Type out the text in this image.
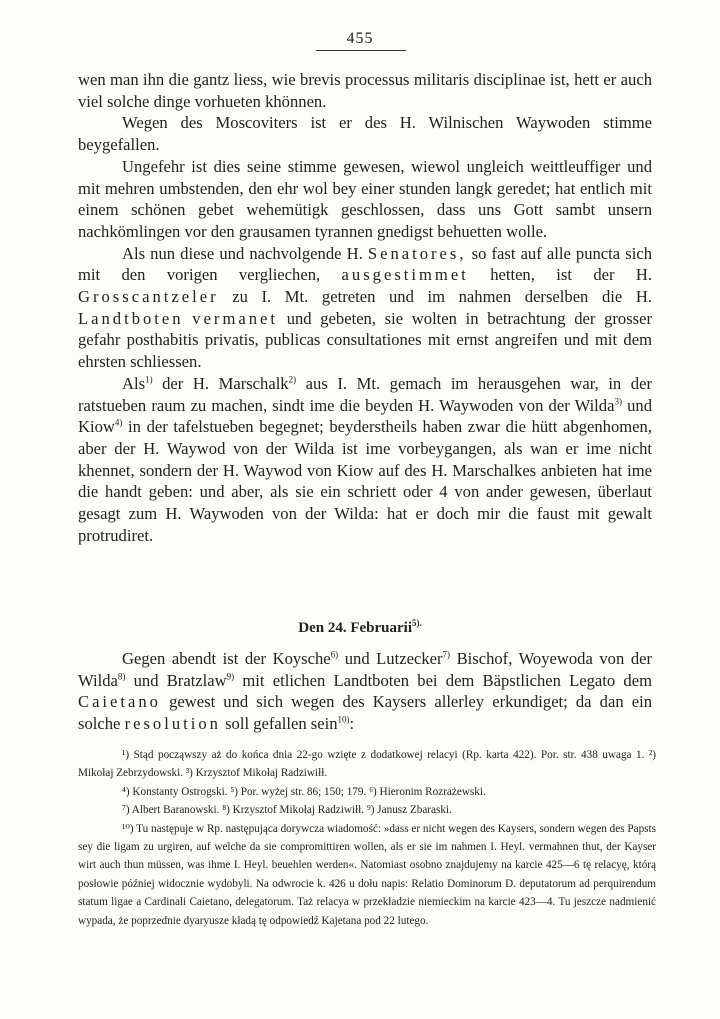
455

wen man ihn die gantz liess, wie brevis processus militaris disciplinae ist, hett er auch viel solche dinge vorhueten khönnen.

Wegen des Moscoviters ist er des H. Wilnischen Waywoden stimme beygefallen.

Ungefehr ist dies seine stimme gewesen, wiewol ungleich weittleuffiger und mit mehren umbstenden, den ehr wol bey einer stunden langk geredet; hat entlich mit einem schönen gebet wehemütigk geschlossen, dass uns Gott sambt unsern nachkömlingen vor den grausamen tyrannen gnedigst behuetten wolle.

Als nun diese und nachvolgende H. Senatores, so fast auf alle puncta sich mit den vorigen vergliechen, ausgestimmet hetten, ist der H. Grosscantzeler zu I. Mt. getreten und im nahmen derselben die H. Landtboten vermanet und gebeten, sie wolten in betrachtung der grosser gefahr posthabitis privatis, publicas consultationes mit ernst angreifen und mit dem ehrsten schliessen.

Als$^{1)}$ der H. Marschalk$^{2)}$ aus I. Mt. gemach im herausgehen war, in der ratstueben raum zu machen, sindt ime die beyden H. Waywoden von der Wilda$^{3)}$ und Kiow$^{4)}$ in der tafelstueben begegnet; beyderstheils haben zwar die hütt abgenhomen, aber der H. Waywod von der Wilda ist ime vorbeygangen, als wan er ime nicht khennet, sondern der H. Waywod von Kiow auf des H. Marschalkes anbieten hat ime die handt geben: und aber, als sie ein schriett oder 4 von ander gewesen, überlaut gesagt zum H. Waywoden von der Wilda: hat er doch mir die faust mit gewalt protrudiret.

Den 24. Februarii$^{5).}$

Gegen abendt ist der Koysche$^{6)}$ und Lutzecker$^{7)}$ Bischof, Woyewoda von der Wilda$^{8)}$ und Bratzlaw$^{9)}$ mit etlichen Landtboten bei dem Bäpstlichen Legato dem Caietano gewest und sich wegen des Kaysers allerley erkundiget; da dan ein solche resolution soll gefallen sein$^{10)}$:

¹) Stąd począwszy aż do końca dnia 22-go wzięte z dodatkowej relacyi (Rp. karta 422). Por. str. 438 uwaga 1. ²) Mikołaj Zebrzydowski. ³) Krzysztof Mikołaj Radziwiłł.

⁴) Konstanty Ostrogski. ⁵) Por. wyżej str. 86; 150; 179. ⁶) Hieronim Rozrażewski.

⁷) Albert Baranowski. ⁸) Krzysztof Mikołaj Radziwiłł. ⁹) Janusz Zbaraski.

¹⁰) Tu następuje w Rp. następująca dorywcza wiadomość: »dass er nicht wegen des Kaysers, sondern wegen des Papsts sey die ligam zu urgiren, auf welche da sie compromittiren wollen, als er sie im nahmen I. Heyl. vermahnen thut, der Kayser wirt auch thun müssen, was ihme I. Heyl. beuehlen werden«. Natomiast osobno znajdujemy na karcie 425—6 tę relacyę, którą posłowie później widocznie wydobyli. Na odwrocie k. 426 u dołu napis: Relatio Dominorum D. deputatorum ad perquirendum statum ligae a Cardinali Caietano, delegatorum. Taż relacya w przekładzie niemieckim na karcie 423—4. Tu jeszcze nadmienić wypada, że poprzednie dyaryusze kładą tę odpowiedź Kajetana pod 22 lutego.
